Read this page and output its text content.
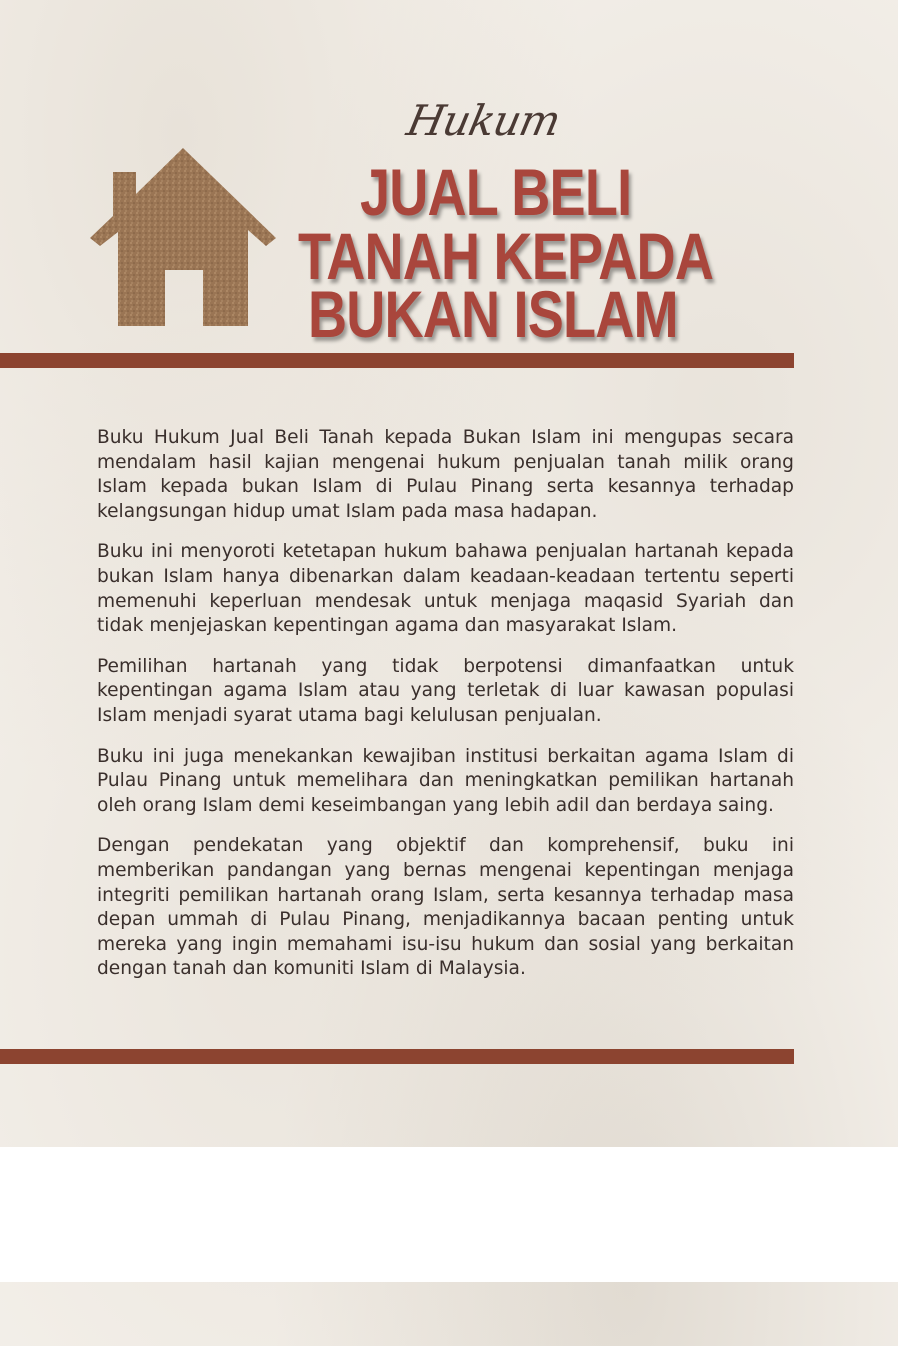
Hukum
JUAL BELI
TANAH KEPADA
BUKAN ISLAM

Buku Hukum Jual Beli Tanah kepada Bukan Islam ini mengupas secara mendalam hasil kajian mengenai hukum penjualan tanah milik orang Islam kepada bukan Islam di Pulau Pinang serta kesannya terhadap kelangsungan hidup umat Islam pada masa hadapan.

Buku ini menyoroti ketetapan hukum bahawa penjualan hartanah kepada bukan Islam hanya dibenarkan dalam keadaan-keadaan tertentu seperti memenuhi keperluan mendesak untuk menjaga maqasid Syariah dan tidak menjejaskan kepentingan agama dan masyarakat Islam.

Pemilihan hartanah yang tidak berpotensi dimanfaatkan untuk kepentingan agama Islam atau yang terletak di luar kawasan populasi Islam menjadi syarat utama bagi kelulusan penjualan.

Buku ini juga menekankan kewajiban institusi berkaitan agama Islam di Pulau Pinang untuk memelihara dan meningkatkan pemilikan hartanah oleh orang Islam demi keseimbangan yang lebih adil dan berdaya saing.

Dengan pendekatan yang objektif dan komprehensif, buku ini memberikan pandangan yang bernas mengenai kepentingan menjaga integriti pemilikan hartanah orang Islam, serta kesannya terhadap masa depan ummah di Pulau Pinang, menjadikannya bacaan penting untuk mereka yang ingin memahami isu-isu hukum dan sosial yang berkaitan dengan tanah dan komuniti Islam di Malaysia.
